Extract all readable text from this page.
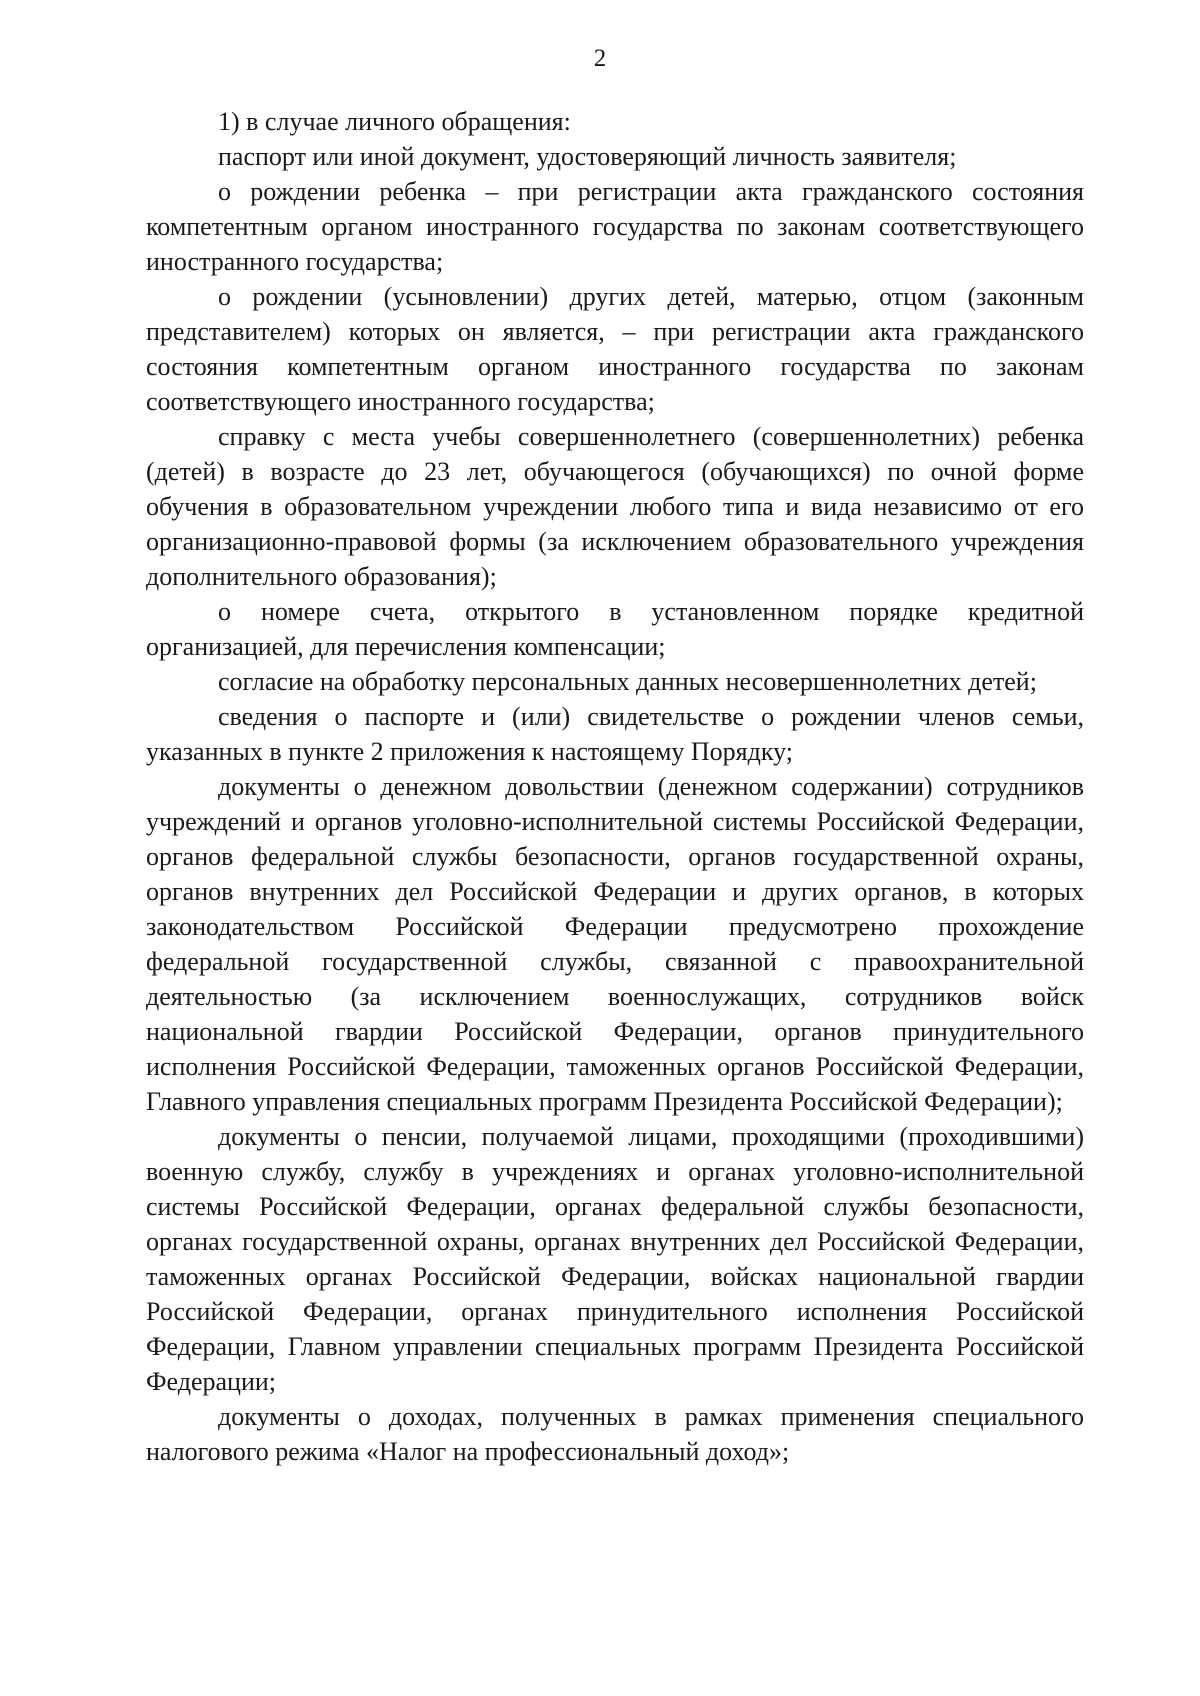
2

1) в случае личного обращения:

паспорт или иной документ, удостоверяющий личность заявителя;

о рождении ребенка – при регистрации акта гражданского состояния компетентным органом иностранного государства по законам соответствующего иностранного государства;

о рождении (усыновлении) других детей, матерью, отцом (законным представителем) которых он является, – при регистрации акта гражданского состояния компетентным органом иностранного государства по законам соответствующего иностранного государства;

справку с места учебы совершеннолетнего (совершеннолетних) ребенка (детей) в возрасте до 23 лет, обучающегося (обучающихся) по очной форме обучения в образовательном учреждении любого типа и вида независимо от его организационно-правовой формы (за исключением образовательного учреждения дополнительного образования);

о номере счета, открытого в установленном порядке кредитной организацией, для перечисления компенсации;

согласие на обработку персональных данных несовершеннолетних детей;

сведения о паспорте и (или) свидетельстве о рождении членов семьи, указанных в пункте 2 приложения к настоящему Порядку;

документы о денежном довольствии (денежном содержании) сотрудников учреждений и органов уголовно-исполнительной системы Российской Федерации, органов федеральной службы безопасности, органов государственной охраны, органов внутренних дел Российской Федерации и других органов, в которых законодательством Российской Федерации предусмотрено прохождение федеральной государственной службы, связанной с правоохранительной деятельностью (за исключением военнослужащих, сотрудников войск национальной гвардии Российской Федерации, органов принудительного исполнения Российской Федерации, таможенных органов Российской Федерации, Главного управления специальных программ Президента Российской Федерации);

документы о пенсии, получаемой лицами, проходящими (проходившими) военную службу, службу в учреждениях и органах уголовно-исполнительной системы Российской Федерации, органах федеральной службы безопасности, органах государственной охраны, органах внутренних дел Российской Федерации, таможенных органах Российской Федерации, войсках национальной гвардии Российской Федерации, органах принудительного исполнения Российской Федерации, Главном управлении специальных программ Президента Российской Федерации;

документы о доходах, полученных в рамках применения специального налогового режима «Налог на профессиональный доход»;
